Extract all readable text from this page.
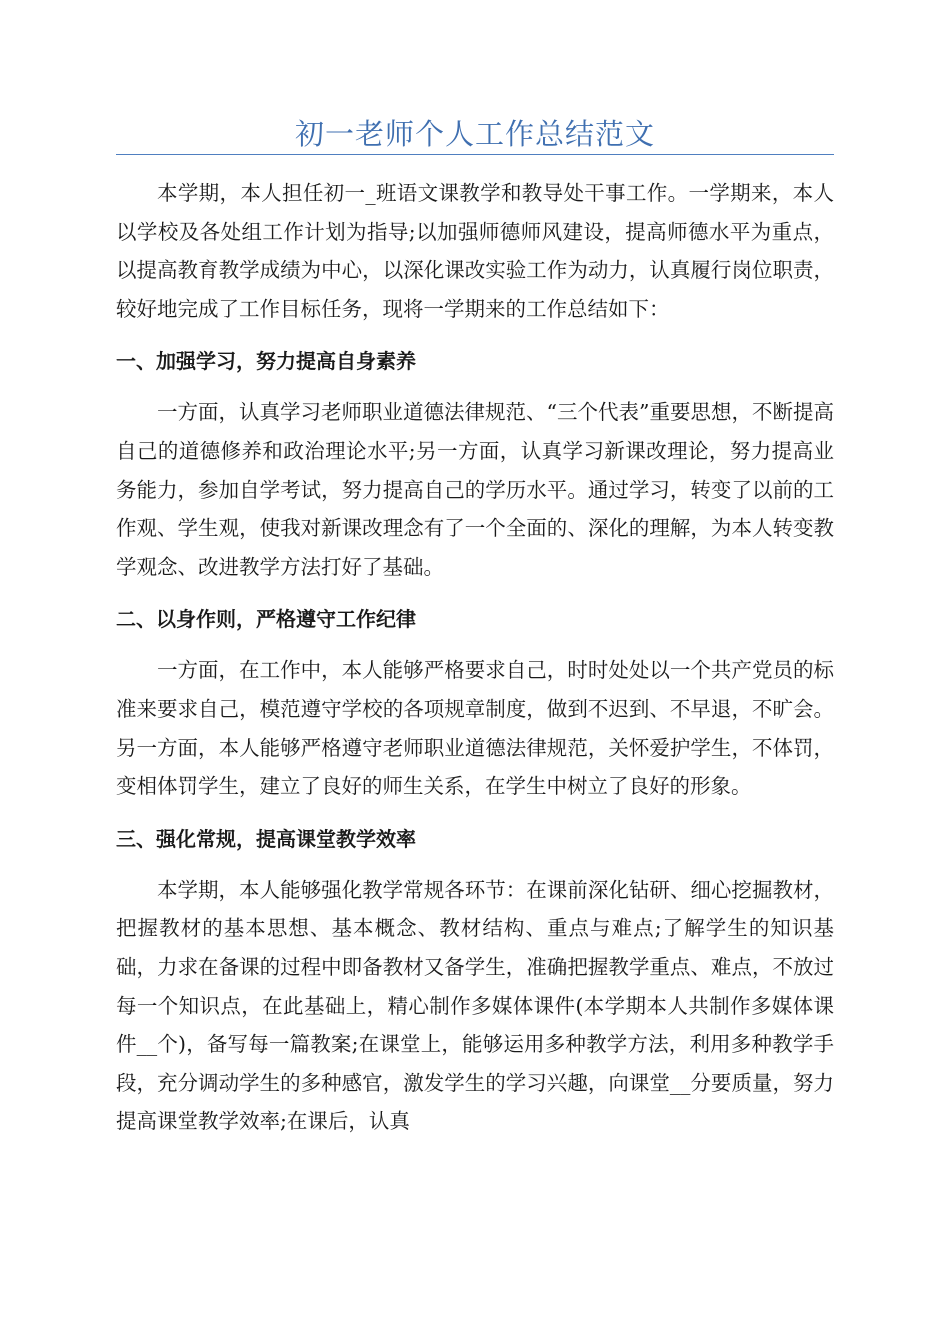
初一老师个人工作总结范文

本学期，本人担任初一_班语文课教学和教导处干事工作。一学期来，本人以学校及各处组工作计划为指导;以加强师德师风建设，提高师德水平为重点，以提高教育教学成绩为中心，以深化课改实验工作为动力，认真履行岗位职责，较好地完成了工作目标任务，现将一学期来的工作总结如下：

一、加强学习，努力提高自身素养

一方面，认真学习老师职业道德法律规范、“三个代表”重要思想，不断提高自己的道德修养和政治理论水平;另一方面，认真学习新课改理论，努力提高业务能力，参加自学考试，努力提高自己的学历水平。通过学习，转变了以前的工作观、学生观，使我对新课改理念有了一个全面的、深化的理解，为本人转变教学观念、改进教学方法打好了基础。

二、以身作则，严格遵守工作纪律

一方面，在工作中，本人能够严格要求自己，时时处处以一个共产党员的标准来要求自己，模范遵守学校的各项规章制度，做到不迟到、不早退，不旷会。另一方面，本人能够严格遵守老师职业道德法律规范，关怀爱护学生，不体罚，变相体罚学生，建立了良好的师生关系，在学生中树立了良好的形象。

三、强化常规，提高课堂教学效率

本学期，本人能够强化教学常规各环节：在课前深化钻研、细心挖掘教材，把握教材的基本思想、基本概念、教材结构、重点与难点;了解学生的知识基础，力求在备课的过程中即备教材又备学生，准确把握教学重点、难点，不放过每一个知识点，在此基础上，精心制作多媒体课件(本学期本人共制作多媒体课件__个)，备写每一篇教案;在课堂上，能够运用多种教学方法，利用多种教学手段，充分调动学生的多种感官，激发学生的学习兴趣，向课堂__分要质量，努力提高课堂教学效率;在课后，认真
